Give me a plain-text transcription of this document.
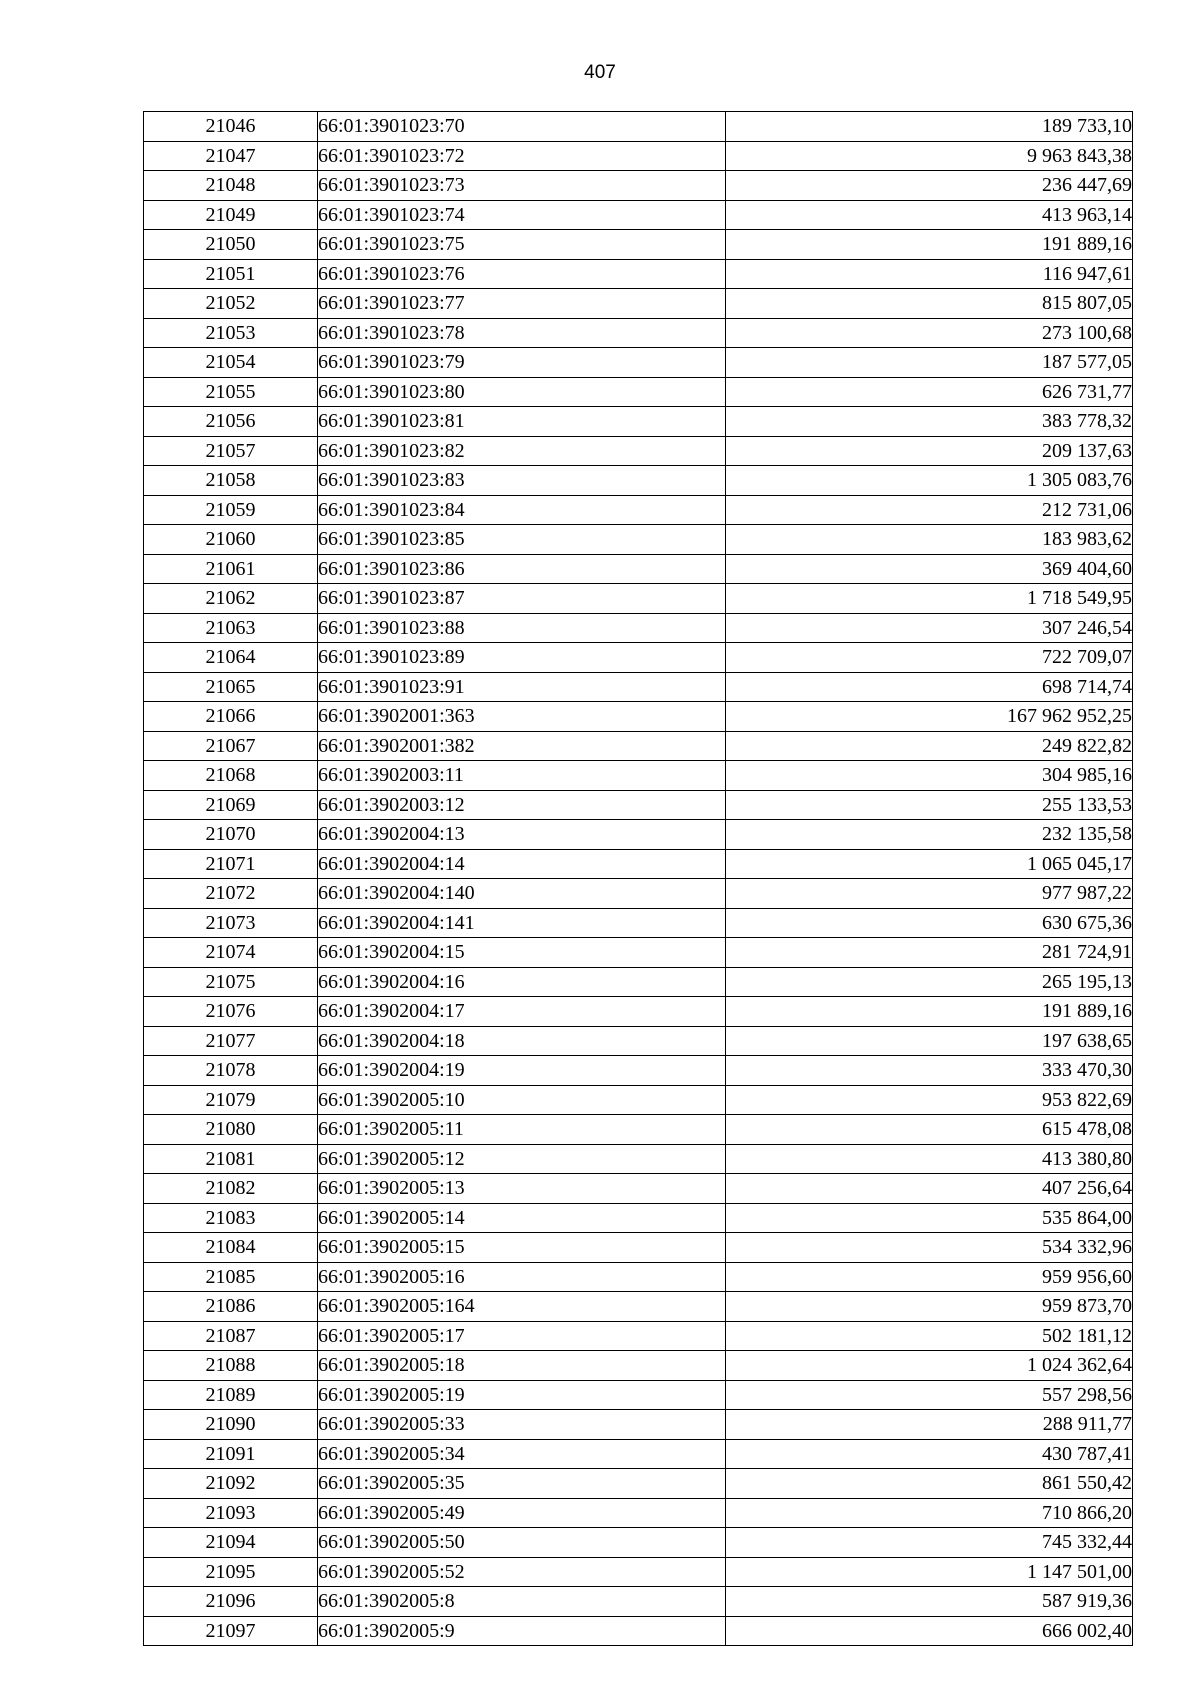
407
21046	66:01:3901023:70	189 733,10
21047	66:01:3901023:72	9 963 843,38
21048	66:01:3901023:73	236 447,69
21049	66:01:3901023:74	413 963,14
21050	66:01:3901023:75	191 889,16
21051	66:01:3901023:76	116 947,61
21052	66:01:3901023:77	815 807,05
21053	66:01:3901023:78	273 100,68
21054	66:01:3901023:79	187 577,05
21055	66:01:3901023:80	626 731,77
21056	66:01:3901023:81	383 778,32
21057	66:01:3901023:82	209 137,63
21058	66:01:3901023:83	1 305 083,76
21059	66:01:3901023:84	212 731,06
21060	66:01:3901023:85	183 983,62
21061	66:01:3901023:86	369 404,60
21062	66:01:3901023:87	1 718 549,95
21063	66:01:3901023:88	307 246,54
21064	66:01:3901023:89	722 709,07
21065	66:01:3901023:91	698 714,74
21066	66:01:3902001:363	167 962 952,25
21067	66:01:3902001:382	249 822,82
21068	66:01:3902003:11	304 985,16
21069	66:01:3902003:12	255 133,53
21070	66:01:3902004:13	232 135,58
21071	66:01:3902004:14	1 065 045,17
21072	66:01:3902004:140	977 987,22
21073	66:01:3902004:141	630 675,36
21074	66:01:3902004:15	281 724,91
21075	66:01:3902004:16	265 195,13
21076	66:01:3902004:17	191 889,16
21077	66:01:3902004:18	197 638,65
21078	66:01:3902004:19	333 470,30
21079	66:01:3902005:10	953 822,69
21080	66:01:3902005:11	615 478,08
21081	66:01:3902005:12	413 380,80
21082	66:01:3902005:13	407 256,64
21083	66:01:3902005:14	535 864,00
21084	66:01:3902005:15	534 332,96
21085	66:01:3902005:16	959 956,60
21086	66:01:3902005:164	959 873,70
21087	66:01:3902005:17	502 181,12
21088	66:01:3902005:18	1 024 362,64
21089	66:01:3902005:19	557 298,56
21090	66:01:3902005:33	288 911,77
21091	66:01:3902005:34	430 787,41
21092	66:01:3902005:35	861 550,42
21093	66:01:3902005:49	710 866,20
21094	66:01:3902005:50	745 332,44
21095	66:01:3902005:52	1 147 501,00
21096	66:01:3902005:8	587 919,36
21097	66:01:3902005:9	666 002,40
